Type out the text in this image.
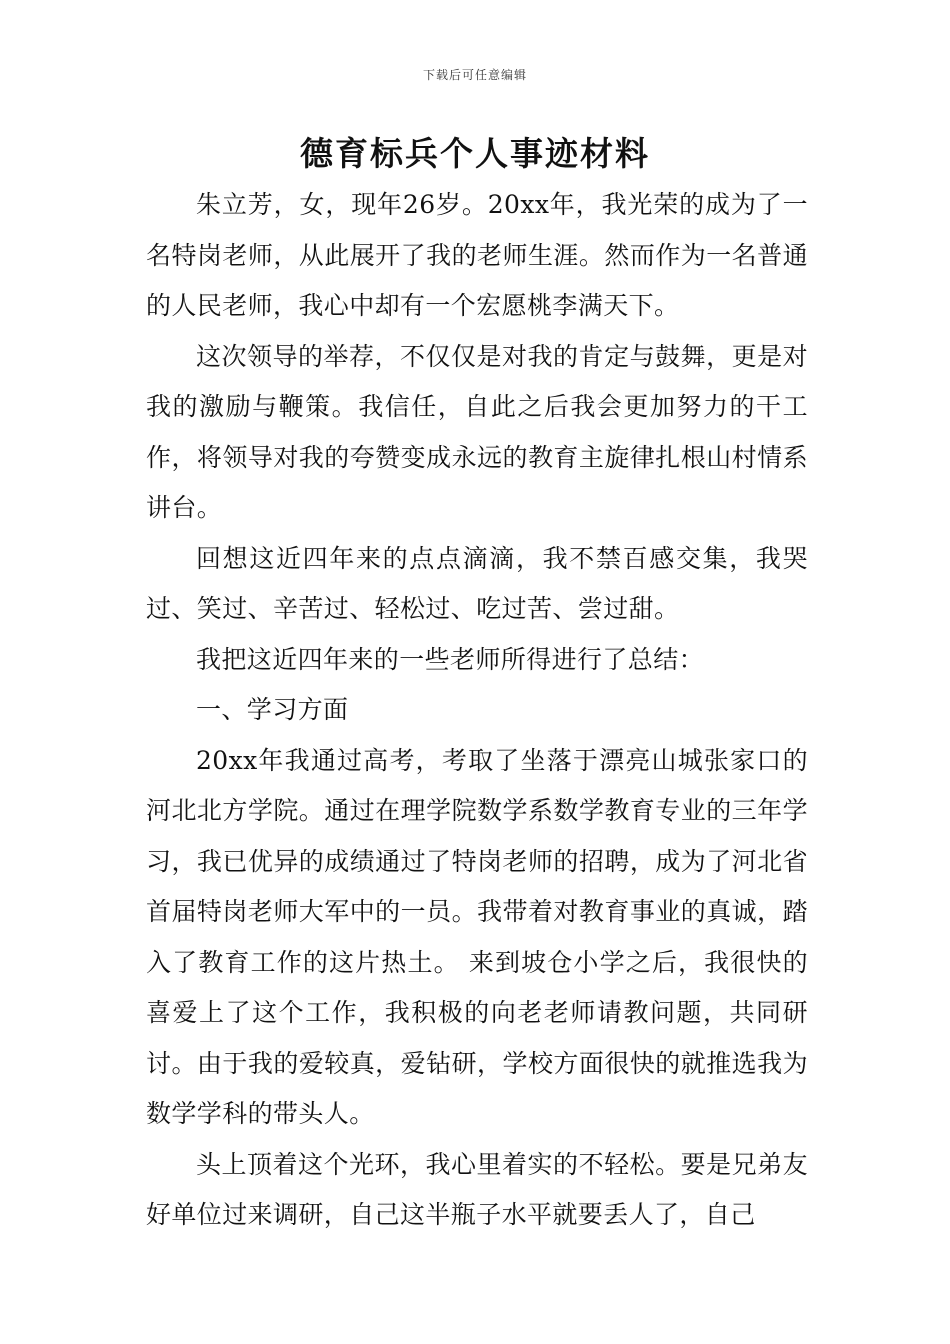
下载后可任意编辑
德育标兵个人事迹材料

朱立芳，女，现年26岁。20xx年，我光荣的成为了一名特岗老师，从此展开了我的老师生涯。然而作为一名普通的人民老师，我心中却有一个宏愿桃李满天下。

这次领导的举荐，不仅仅是对我的肯定与鼓舞，更是对我的激励与鞭策。我信任，自此之后我会更加努力的干工作，将领导对我的夸赞变成永远的教育主旋律扎根山村情系讲台。

回想这近四年来的点点滴滴，我不禁百感交集，我哭过、笑过、辛苦过、轻松过、吃过苦、尝过甜。

我把这近四年来的一些老师所得进行了总结：

一、学习方面

20xx年我通过高考，考取了坐落于漂亮山城张家口的河北北方学院。通过在理学院数学系数学教育专业的三年学习，我已优异的成绩通过了特岗老师的招聘，成为了河北省首届特岗老师大军中的一员。我带着对教育事业的真诚，踏入了教育工作的这片热土。 来到坡仓小学之后，我很快的喜爱上了这个工作，我积极的向老老师请教问题，共同研讨。由于我的爱较真，爱钻研，学校方面很快的就推选我为数学学科的带头人。

头上顶着这个光环，我心里着实的不轻松。要是兄弟友好单位过来调研，自己这半瓶子水平就要丢人了，自己
